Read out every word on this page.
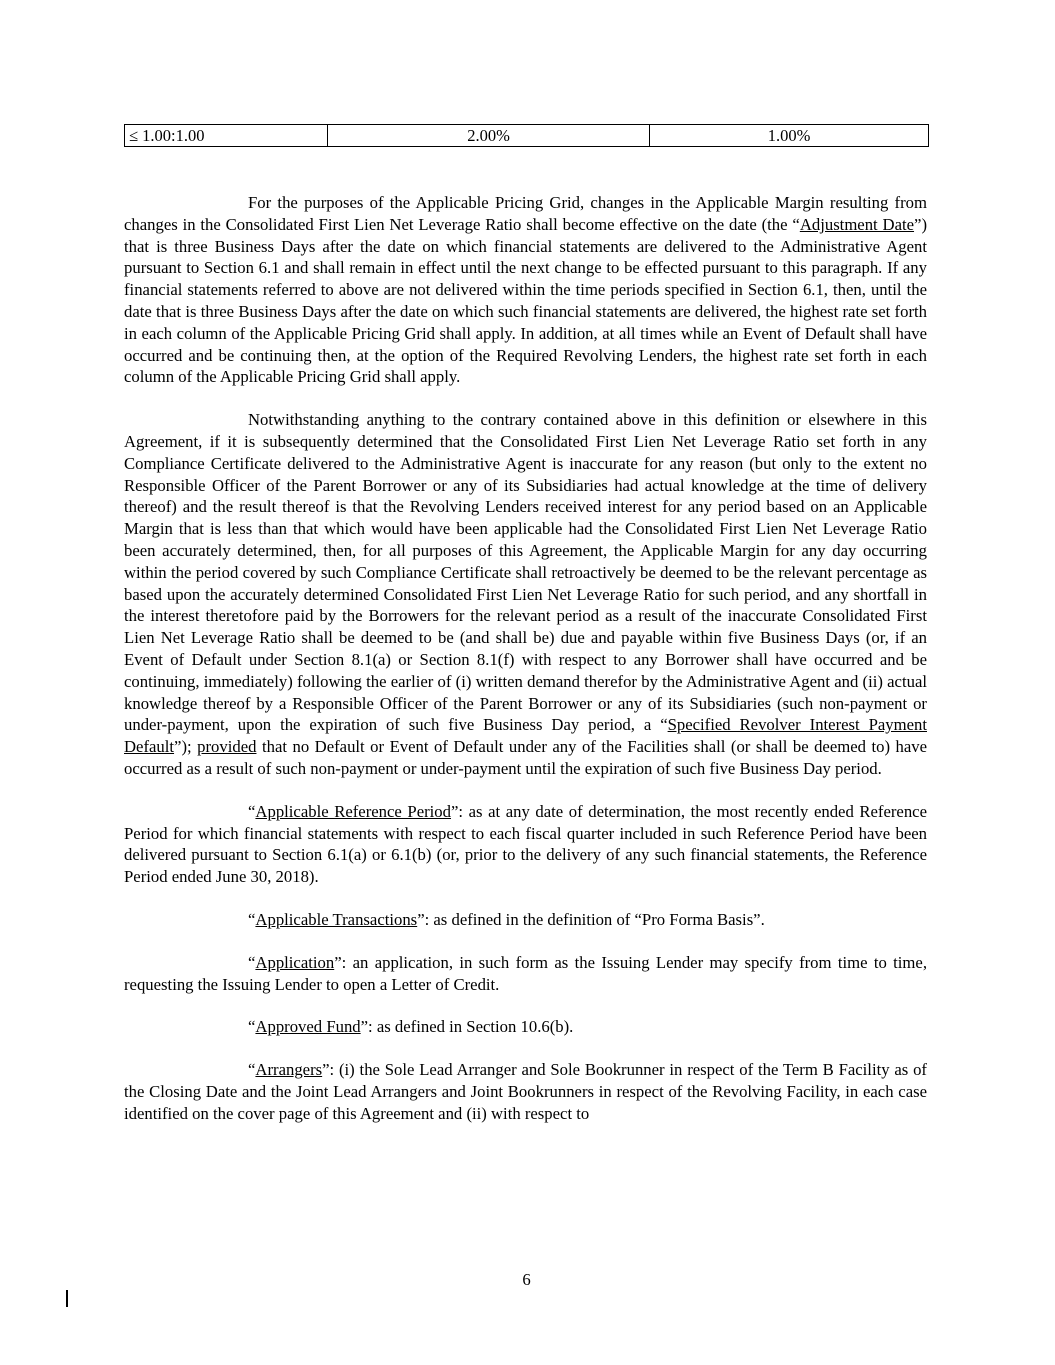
≤ 1.00:1.00	2.00%	1.00%

For the purposes of the Applicable Pricing Grid, changes in the Applicable Margin resulting from changes in the Consolidated First Lien Net Leverage Ratio shall become effective on the date (the “Adjustment Date”) that is three Business Days after the date on which financial statements are delivered to the Administrative Agent pursuant to Section 6.1 and shall remain in effect until the next change to be effected pursuant to this paragraph. If any financial statements referred to above are not delivered within the time periods specified in Section 6.1, then, until the date that is three Business Days after the date on which such financial statements are delivered, the highest rate set forth in each column of the Applicable Pricing Grid shall apply. In addition, at all times while an Event of Default shall have occurred and be continuing then, at the option of the Required Revolving Lenders, the highest rate set forth in each column of the Applicable Pricing Grid shall apply.

Notwithstanding anything to the contrary contained above in this definition or elsewhere in this Agreement, if it is subsequently determined that the Consolidated First Lien Net Leverage Ratio set forth in any Compliance Certificate delivered to the Administrative Agent is inaccurate for any reason (but only to the extent no Responsible Officer of the Parent Borrower or any of its Subsidiaries had actual knowledge at the time of delivery thereof) and the result thereof is that the Revolving Lenders received interest for any period based on an Applicable Margin that is less than that which would have been applicable had the Consolidated First Lien Net Leverage Ratio been accurately determined, then, for all purposes of this Agreement, the Applicable Margin for any day occurring within the period covered by such Compliance Certificate shall retroactively be deemed to be the relevant percentage as based upon the accurately determined Consolidated First Lien Net Leverage Ratio for such period, and any shortfall in the interest theretofore paid by the Borrowers for the relevant period as a result of the inaccurate Consolidated First Lien Net Leverage Ratio shall be deemed to be (and shall be) due and payable within five Business Days (or, if an Event of Default under Section 8.1(a) or Section 8.1(f) with respect to any Borrower shall have occurred and be continuing, immediately) following the earlier of (i) written demand therefor by the Administrative Agent and (ii) actual knowledge thereof by a Responsible Officer of the Parent Borrower or any of its Subsidiaries (such non-payment or under-payment, upon the expiration of such five Business Day period, a “Specified Revolver Interest Payment Default”); provided that no Default or Event of Default under any of the Facilities shall (or shall be deemed to) have occurred as a result of such non-payment or under-payment until the expiration of such five Business Day period.

“Applicable Reference Period”: as at any date of determination, the most recently ended Reference Period for which financial statements with respect to each fiscal quarter included in such Reference Period have been delivered pursuant to Section 6.1(a) or 6.1(b) (or, prior to the delivery of any such financial statements, the Reference Period ended June 30, 2018).

“Applicable Transactions”: as defined in the definition of “Pro Forma Basis”.

“Application”: an application, in such form as the Issuing Lender may specify from time to time, requesting the Issuing Lender to open a Letter of Credit.

“Approved Fund”: as defined in Section 10.6(b).

“Arrangers”: (i) the Sole Lead Arranger and Sole Bookrunner in respect of the Term B Facility as of the Closing Date and the Joint Lead Arrangers and Joint Bookrunners in respect of the Revolving Facility, in each case identified on the cover page of this Agreement and (ii) with respect to

6
